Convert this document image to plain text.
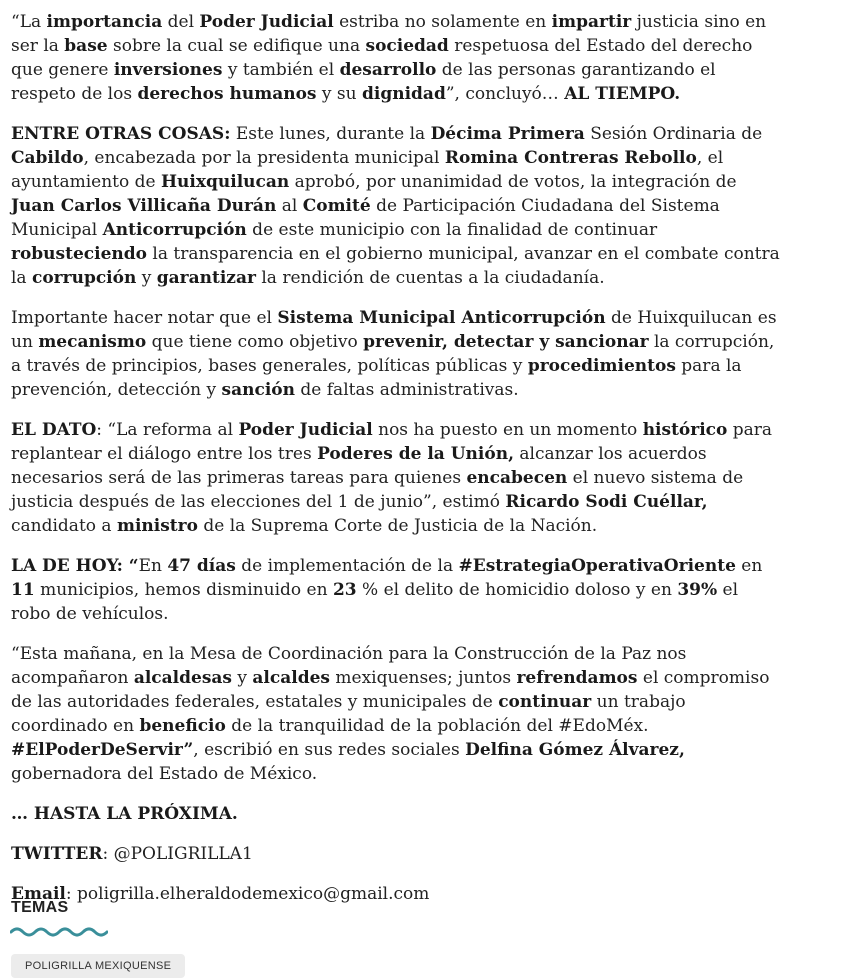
“La importancia del Poder Judicial estriba no solamente en impartir justicia sino en ser la base sobre la cual se edifique una sociedad respetuosa del Estado del derecho que genere inversiones y también el desarrollo de las personas garantizando el respeto de los derechos humanos y su dignidad”, concluyó… AL TIEMPO.

ENTRE OTRAS COSAS: Este lunes, durante la Décima Primera Sesión Ordinaria de Cabildo, encabezada por la presidenta municipal Romina Contreras Rebollo, el ayuntamiento de Huixquilucan aprobó, por unanimidad de votos, la integración de Juan Carlos Villicaña Durán al Comité de Participación Ciudadana del Sistema Municipal Anticorrupción de este municipio con la finalidad de continuar robusteciendo la transparencia en el gobierno municipal, avanzar en el combate contra la corrupción y garantizar la rendición de cuentas a la ciudadanía.

Importante hacer notar que el Sistema Municipal Anticorrupción de Huixquilucan es un mecanismo que tiene como objetivo prevenir, detectar y sancionar la corrupción, a través de principios, bases generales, políticas públicas y procedimientos para la prevención, detección y sanción de faltas administrativas.

EL DATO: “La reforma al Poder Judicial nos ha puesto en un momento histórico para replantear el diálogo entre los tres Poderes de la Unión, alcanzar los acuerdos necesarios será de las primeras tareas para quienes encabecen el nuevo sistema de justicia después de las elecciones del 1 de junio”, estimó Ricardo Sodi Cuéllar, candidato a ministro de la Suprema Corte de Justicia de la Nación.

LA DE HOY: “En 47 días de implementación de la #EstrategiaOperativaOriente en 11 municipios, hemos disminuido en 23 % el delito de homicidio doloso y en 39% el robo de vehículos.

“Esta mañana, en la Mesa de Coordinación para la Construcción de la Paz nos acompañaron alcaldesas y alcaldes mexiquenses; juntos refrendamos el compromiso de las autoridades federales, estatales y municipales de continuar un trabajo coordinado en beneficio de la tranquilidad de la población del #EdoMéx. #ElPoderDeServir”, escribió en sus redes sociales Delfina Gómez Álvarez, gobernadora del Estado de México.

… HASTA LA PRÓXIMA.

TWITTER: @POLIGRILLA1

Email: poligrilla.elheraldodemexico@gmail.com

TEMAS
POLIGRILLA MEXIQUENSE
